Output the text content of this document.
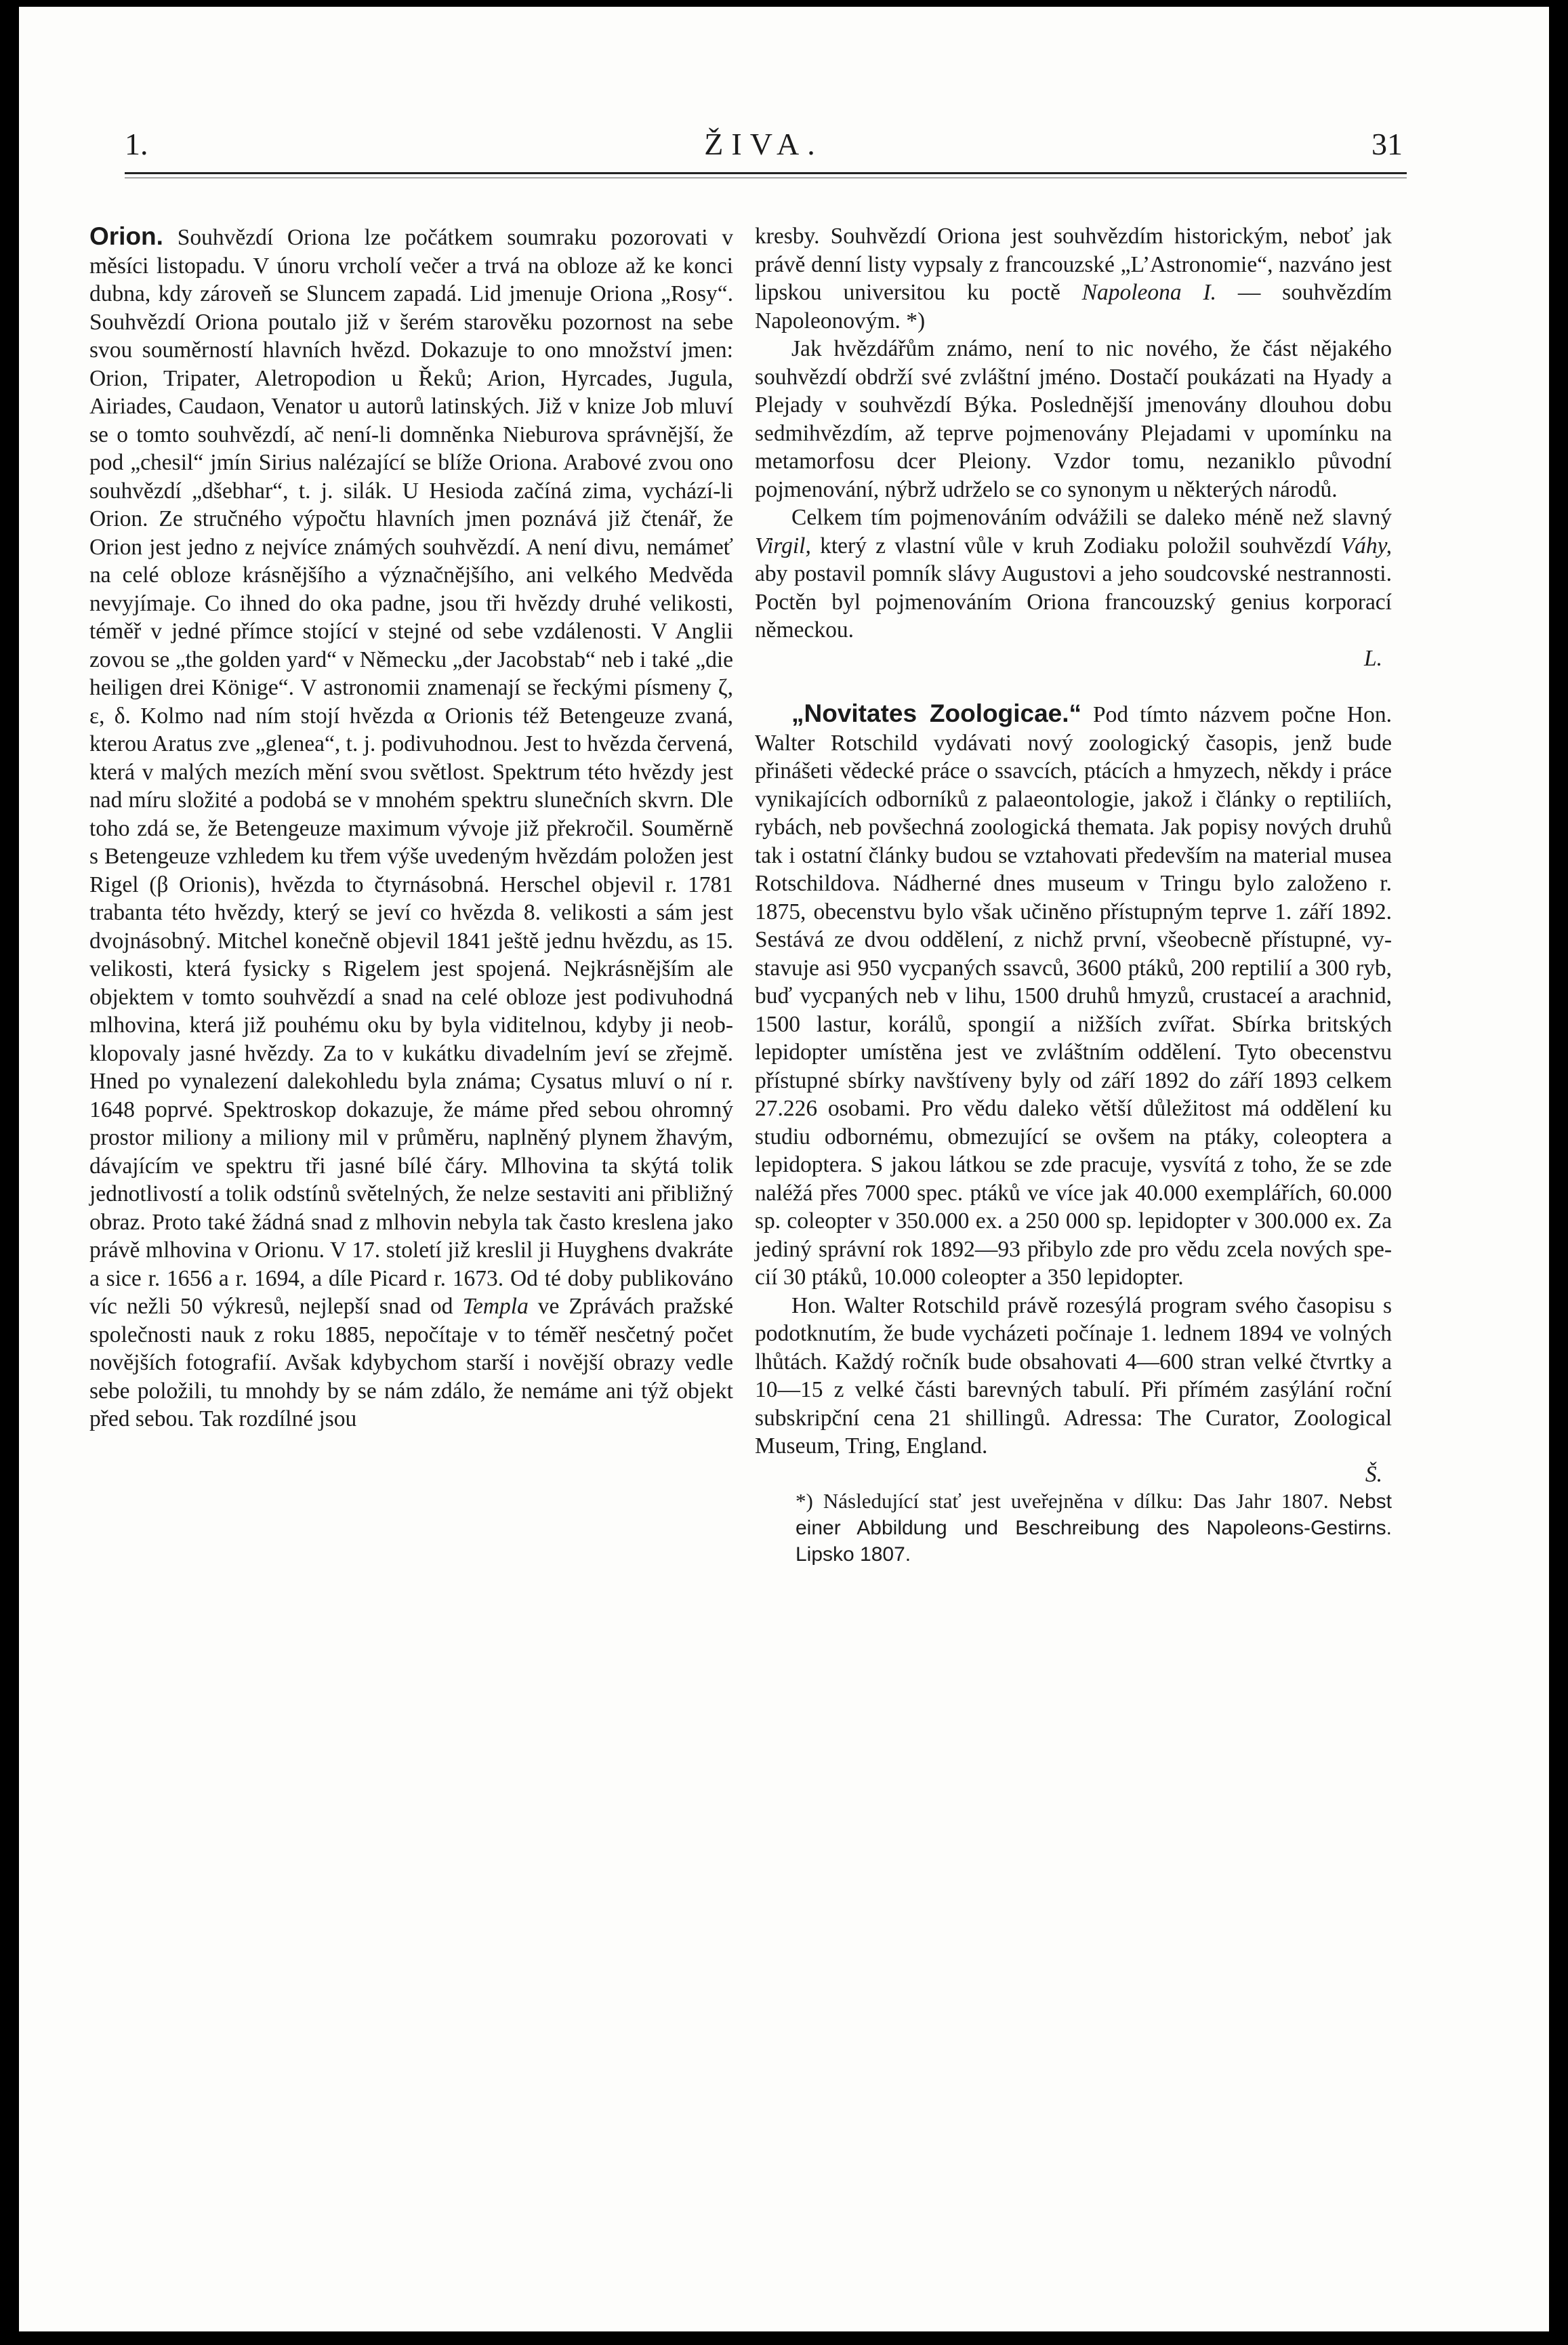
1.	ŽIVA.	31

Orion. Souhvězdí Oriona lze počátkem soumraku pozorovati v měsíci listopadu. V únoru vrcholí večer a trvá na obloze až ke konci dubna, kdy zároveň se Sluncem zapadá. Lid jmenuje Oriona „Rosy“. Souhvězdí Oriona poutalo již v šerém starověku pozornost na sebe svou souměrností hlavních hvězd. Dokazuje to ono množství jmen: Orion, Tripater, Aletropodion u Řeků; Arion, Hyrcades, Jugula, Airiades, Caudaon, Venator u autorů latinských. Již v knize Job mluví se o tomto souhvězdí, ač není-li domněnka Nieburova správnější, že pod „chesil“ jmín Sirius nalézající se blíže Oriona. Arabové zvou ono souhvězdí „dšebhar“, t. j. silák. U Hesioda začíná zima, vychází-li Orion. Ze stručného výpočtu hlavních jmen poznává již čtenář, že Orion jest jedno z nejvíce známých souhvězdí. A není divu, nemámeť na celé obloze krásnějšího a význačnějšího, ani velkého Medvěda nevyjímaje. Co ihned do oka padne, jsou tři hvězdy druhé velikosti, téměř v jedné přímce stojící v stejné od sebe vzdálenosti. V Anglii zovou se „the golden yard“ v Německu „der Jacobstab“ neb i také „die heiligen drei Könige“. V astronomii znamenají se řeckými písmeny ζ, ε, δ. Kolmo nad ním stojí hvězda α Orionis též Betengeuze zvaná, kterou Aratus zve „glenea“, t. j. podivuhodnou. Jest to hvězda červená, která v malých mezích mění svou světlost. Spektrum této hvězdy jest nad míru složité a podobá se v mnohém spektru slunečních skvrn. Dle toho zdá se, že Betengeuze maximum vývoje již překročil. Souměrně s Betengeuze vzhledem ku třem výše uvedeným hvězdám položen jest Rigel (β Orionis), hvězda to čtyrnásobná. Herschel objevil r. 1781 trabanta této hvězdy, který se jeví co hvězda 8. velikosti a sám jest dvojnásobný. Mitchel konečně objevil 1841 ještě jednu hvězdu, as 15. velikosti, která fysicky s Rigelem jest spojená. Nejkrásnějším ale objektem v tomto souhvězdí a snad na celé obloze jest podivuhodná mlhovina, která již pouhému oku by byla viditelnou, kdyby ji neobklopovaly jasné hvězdy. Za to v kukátku divadelním jeví se zřejmě. Hned po vynalezení dalekohledu byla známa; Cysatus mluví o ní r. 1648 poprvé. Spektroskop dokazuje, že máme před sebou ohromný prostor miliony a miliony mil v průměru, naplněný plynem žhavým, dávajícím ve spektru tři jasné bílé čáry. Mlhovina ta skýtá tolik jednotlivostí a tolik odstínů světelných, že nelze sestaviti ani přibližný obraz. Proto také žádná snad z mlhovin nebyla tak často kreslena jako právě mlhovina v Orionu. V 17. století již kreslil ji Huyghens dvakráte a sice r. 1656 a r. 1694, a díle Picard r. 1673. Od té doby publikováno víc nežli 50 výkresů, nejlepší snad od Templa ve Zprávách pražské společnosti nauk z roku 1885, nepočítaje v to téměř nesčetný počet novějších fotografií. Avšak kdybychom starší i novější obrazy vedle sebe položili, tu mnohdy by se nám zdálo, že nemáme ani týž objekt před sebou. Tak rozdílné jsou

kresby. Souhvězdí Oriona jest souhvězdím historickým, neboť jak právě denní listy vypsaly z francouzské „L’Astronomie“, nazváno jest lipskou universitou ku poctě Napoleona I. — souhvězdím Napoleonovým. *)

Jak hvězdářům známo, není to nic nového, že část nějakého souhvězdí obdrží své zvláštní jméno. Dostačí poukázati na Hyady a Plejady v souhvězdí Býka. Poslednější jmenovány dlouhou dobu sedmihvězdím, až teprve pojmenovány Plejadami v upomínku na metamorfosu dcer Pleiony. Vzdor tomu, nezaniklo původní pojmenování, nýbrž udrželo se co synonym u některých národů.

Celkem tím pojmenováním odvážili se daleko méně než slavný Virgil, který z vlastní vůle v kruh Zodiaku položil souhvězdí Váhy, aby postavil pomník slávy Augustovi a jeho soudcovské nestrannosti. Poctěn byl pojmenováním Oriona francouzský genius korporací německou.

L.

„Novitates Zoologicae.“ Pod tímto názvem počne Hon. Walter Rotschild vydávati nový zoologický časopis, jenž bude přinášeti vědecké práce o ssavcích, ptácích a hmyzech, někdy i práce vynikajících odborníků z palaeontologie, jakož i články o reptiliích, rybách, neb povšechná zoologická themata. Jak popisy nových druhů tak i ostatní články budou se vztahovati především na material musea Rotschildova. Nádherné dnes museum v Tringu bylo založeno r. 1875, obecenstvu bylo však učiněno přístupným teprve 1. září 1892. Sestává ze dvou oddělení, z nichž první, všeobecně přístupné, vystavuje asi 950 vycpaných ssavců, 3600 ptáků, 200 reptilií a 300 ryb, buď vycpaných neb v lihu, 1500 druhů hmyzů, crustaceí a arachnid, 1500 lastur, korálů, spongií a nižších zvířat. Sbírka britských lepidopter umístěna jest ve zvláštním oddělení. Tyto obecenstvu přístupné sbírky navštíveny byly od září 1892 do září 1893 celkem 27.226 osobami. Pro vědu daleko větší důležitost má oddělení ku studiu odbornému, obmezující se ovšem na ptáky, coleoptera a lepidoptera. S jakou látkou se zde pracuje, vysvítá z toho, že se zde naléžá přes 7000 spec. ptáků ve více jak 40.000 exemplářích, 60.000 sp. coleopter v 350.000 ex. a 250 000 sp. lepidopter v 300.000 ex. Za jediný správní rok 1892—93 přibylo zde pro vědu zcela nových specií 30 ptáků, 10.000 coleopter a 350 lepidopter.

Hon. Walter Rotschild právě rozesýlá program svého časopisu s podotknutím, že bude vycházeti počínaje 1. lednem 1894 ve volných lhůtách. Každý ročník bude obsahovati 4—600 stran velké čtvrtky a 10—15 z velké části barevných tabulí. Při přímém zasýlání roční subskripční cena 21 shillingů. Adressa: The Curator, Zoological Museum, Tring, England.

Š.

*) Následující stať jest uveřejněna v dílku: Das Jahr 1807. Nebst einer Abbildung und Beschreibung des Napoleons-Gestirns. Lipsko 1807.
